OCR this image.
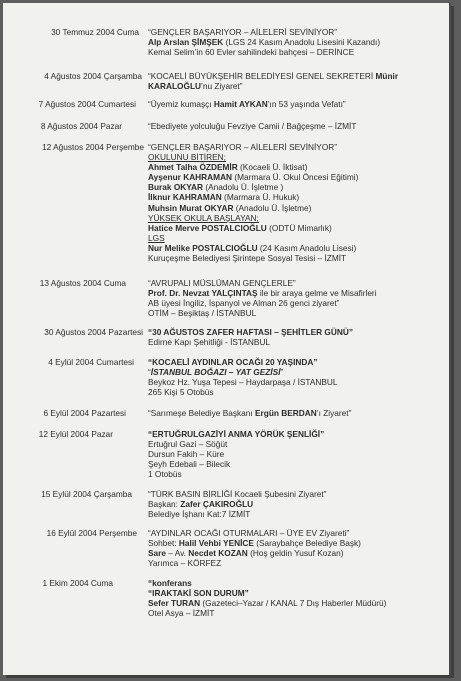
30 Temmuz 2004 Cuma “GENÇLER BAŞARIYOR – AİLELERİ SEVİNİYOR”
Alp Arslan ŞİMŞEK (LGS 24 Kasım Anadolu Lisesini Kazandı)
Kemal Selim’in 60 Evler sahilindeki bahçesi – DERİNCE
4 Ağustos 2004 Çarşamba “KOCAELİ BÜYÜKŞEHİR BELEDİYESİ GENEL SEKRETERİ Münir
KARALOĞLU’nu Ziyaret”
7 Ağustos 2004 Cumartesi “Üyemiz kumaşçı Hamit AYKAN’ın 53 yaşında Vefatı”
8 Ağustos 2004 Pazar	“Ebediyete yolculuğu Fevziye Camii / Bağçeşme – İZMİT
12 Ağustos 2004 Perşembe “GENÇLER BAŞARIYOR – AİLELERİ SEVİNİYOR”
OKULUNU BİTİREN;
Ahmet Talha ÖZDEMİR (Kocaeli Ü. İktisat)
Ayşenur KAHRAMAN (Marmara Ü. Okul Öncesi Eğitimi)
Burak OKYAR (Anadolu Ü. İşletme )
İlknur KAHRAMAN (Marmara Ü. Hukuk)
Muhsin Murat OKYAR (Anadolu Ü. İşletme)
YÜKSEK OKULA BAŞLAYAN;
Hatice Merve POSTALCIOĞLU (ODTÜ Mimarlık)
LGS
Nur Melike POSTALCIOĞLU (24 Kasım Anadolu Lisesi)
Kuruçeşme Belediyesi Şirintepe Sosyal Tesisi – İZMİT
13 Ağustos 2004 Cuma	“AVRUPALI MÜSLÜMAN GENÇLERLE”
Prof. Dr. Nevzat YALÇINTAŞ ile bir araya gelme ve Misafirleri
AB üyesi İngiliz, İspanyol ve Alman 26 genci ziyaret”
OTİM – Beşiktaş / İSTANBUL
30 Ağustos 2004 Pazartesi “30 AĞUSTOS ZAFER HAFTASI – ŞEHİTLER GÜNÜ”
Edirne Kapı Şehitliği - İSTANBUL
4 Eylül 2004 Cumartesi “KOCAELİ AYDINLAR OCAĞI 20 YAŞINDA”
“İSTANBUL BOĞAZI – YAT GEZİSİ”
Beykoz Hz. Yuşa Tepesi – Haydarpaşa / İSTANBUL
265 Kişi 5 Otobüs
6 Eylül 2004 Pazartesi	“Sarımeşe Belediye Başkanı Ergün BERDAN’ı Ziyaret”
12 Eylül 2004 Pazar	“ERTUĞRULGAZİYİ ANMA YÖRÜK ŞENLİĞİ”
Ertuğrul Gazi – Söğüt
Dursun Fakih – Küre
Şeyh Edebali – Bilecik
1 Otobüs
15 Eylül 2004 Çarşamba “TÜRK BASIN BİRLİĞİ Kocaeli Şubesini Ziyaret”
Başkan: Zafer ÇAKIROĞLU
Belediye İşhanı Kat:7 İZMİT
16 Eylül 2004 Perşembe “AYDINLAR OCAĞI OTURMALARI – ÜYE EV Ziyareti”
Sohbet: Halil Vehbi YENİCE (Saraybahçe Belediye Başk)
Sare – Av. Necdet KOZAN (Hoş geldin Yusuf Kozan)
Yarımca – KÖRFEZ
1 Ekim 2004 Cuma	“konferans
“IRAKTAKİ SON DURUM”
Sefer TURAN (Gazeteci–Yazar / KANAL 7 Dış Haberler Müdürü)
Otel Asya – İZMİT
